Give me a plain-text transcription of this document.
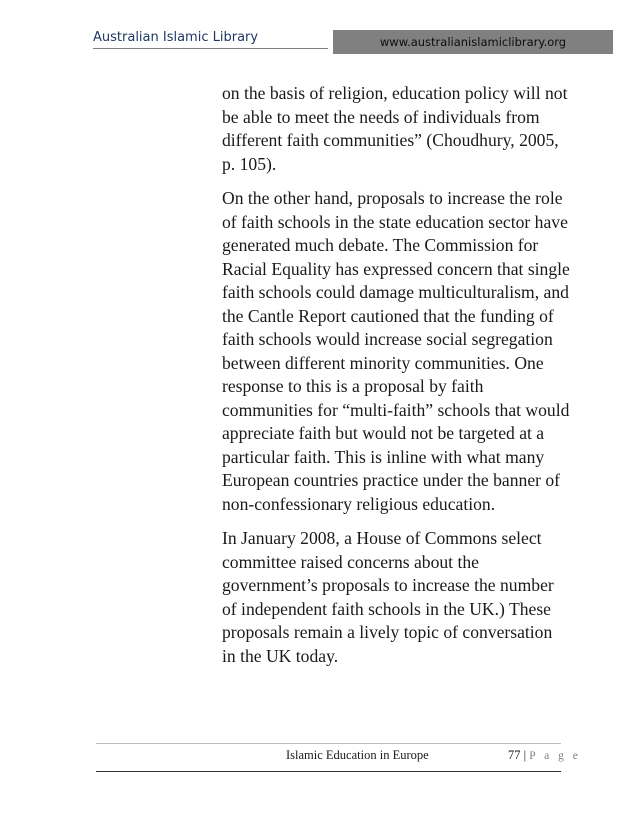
Australian Islamic Library	www.australianislamiclibrary.org

on the basis of religion, education policy will not be able to meet the needs of individuals from different faith communities” (Choudhury, 2005, p. 105).

On the other hand, proposals to increase the role of faith schools in the state education sector have generated much debate. The Commission for Racial Equality has expressed concern that single faith schools could damage multiculturalism, and the Cantle Report cautioned that the funding of faith schools would increase social segregation between different minority communities. One response to this is a proposal by faith communities for “multi-faith” schools that would appreciate faith but would not be targeted at a particular faith. This is inline with what many European countries practice under the banner of non-confessionary religious education.

In January 2008, a House of Commons select committee raised concerns about the government’s proposals to increase the number of independent faith schools in the UK.) These proposals remain a lively topic of conversation in the UK today.

Islamic Education in Europe	77 | P a g e
